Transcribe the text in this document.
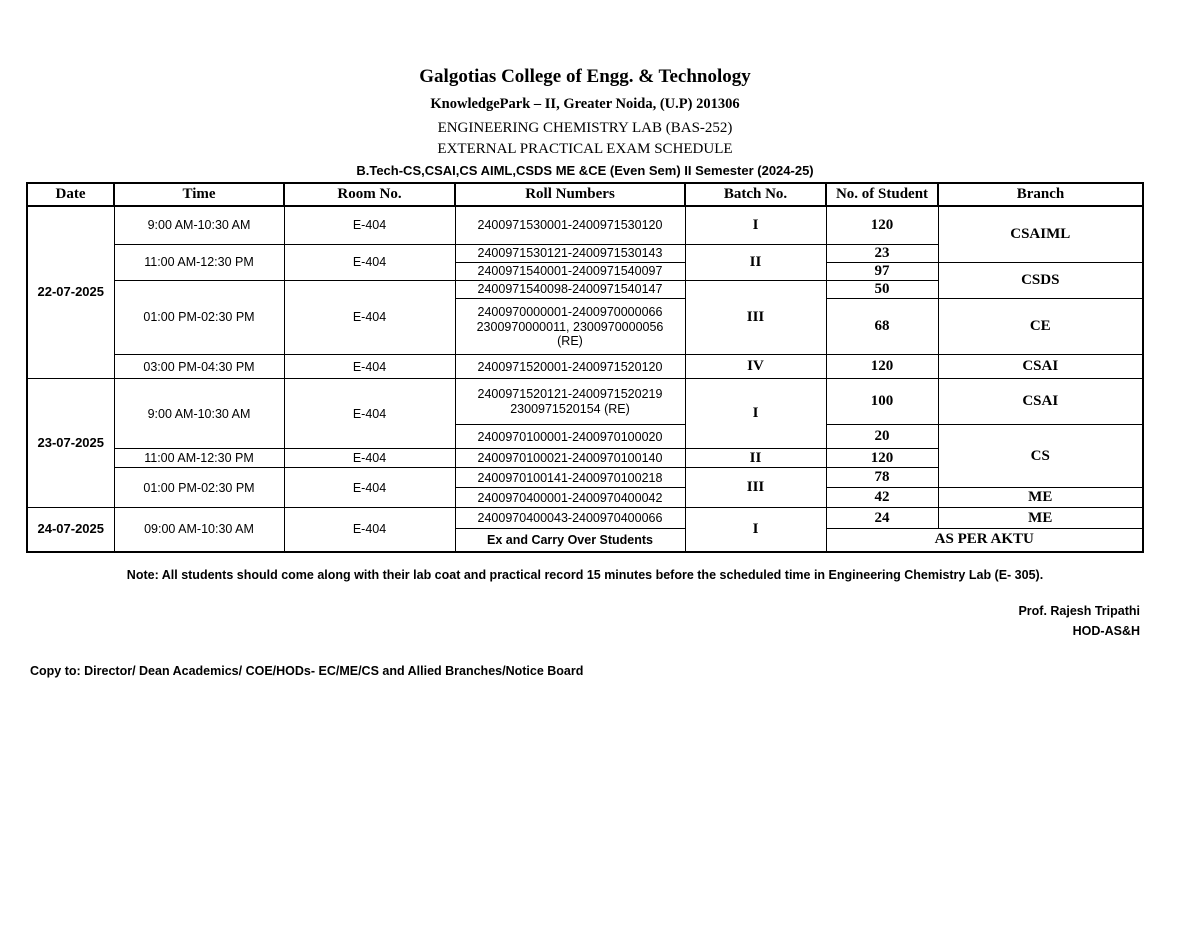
Galgotias College of Engg. & Technology
KnowledgePark – II, Greater Noida, (U.P) 201306
ENGINEERING CHEMISTRY LAB (BAS-252)
EXTERNAL PRACTICAL EXAM SCHEDULE
B.Tech-CS,CSAI,CS AIML,CSDS ME &CE (Even Sem) II Semester (2024-25)
Date	Time	Room No.	Roll Numbers	Batch No.	No. of Student	Branch
22-07-2025	9:00 AM-10:30 AM	E-404	2400971530001-2400971530120	I	120	CSAIML

	11:00 AM-12:30 PM	E-404	2400971530121-2400971530143	II	23	
			2400971540001-2400971540097		97	CSDS
	01:00 PM-02:30 PM	E-404	2400971540098-2400971540147	III	50	

			2400970000001-2400970000066
2300970000011, 2300970000056
(RE)		68	CE
	03:00 PM-04:30 PM	E-404	2400971520001-2400971520120	IV	120	CSAI

23-07-2025	9:00 AM-10:30 AM	E-404	2400971520121-2400971520219
2300971520154 (RE)	I	100	CSAI
			2400970100001-2400970100020		20	CS
	11:00 AM-12:30 PM	E-404	2400970100021-2400970100140	II	120	
	01:00 PM-02:30 PM	E-404	2400970100141-2400970100218	III	78	
			2400970400001-2400970400042		42	ME
24-07-2025	09:00 AM-10:30 AM	E-404	2400970400043-2400970400066	I	24	ME
			Ex and Carry Over Students		AS PER AKTU	
Note: All students should come along with their lab coat and practical record 15 minutes before the scheduled time in Engineering Chemistry Lab (E- 305).
Prof. Rajesh Tripathi
HOD-AS&H
Copy to: Director/ Dean Academics/ COE/HODs- EC/ME/CS and Allied Branches/Notice Board
